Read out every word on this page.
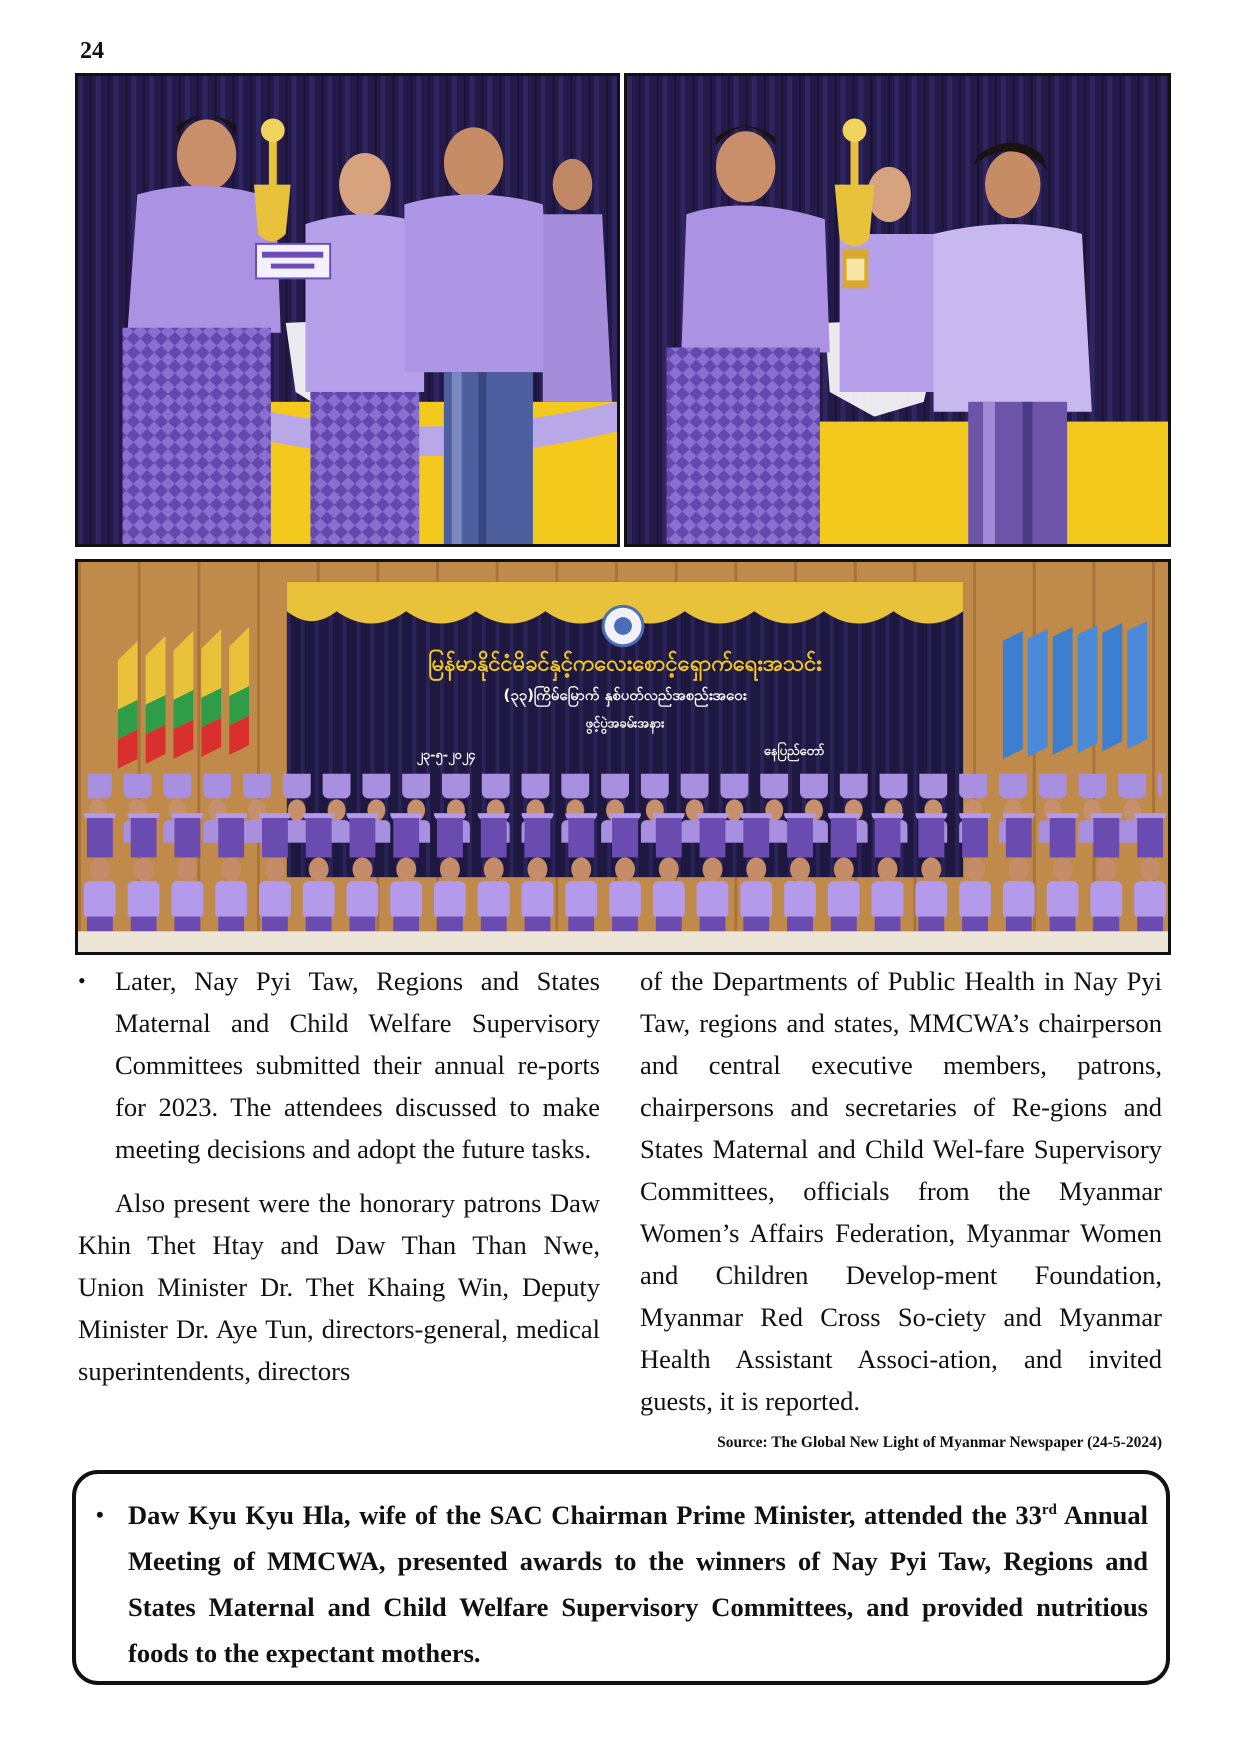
24
မြန်မာနိုင်ငံမိခင်နှင့်ကလေးစောင့်ရှောက်ရေးအသင်း
(၃၃)ကြိမ်မြောက် နှစ်ပတ်လည်အစည်းအဝေး
ဖွင့်ပွဲအခမ်းအနား
၂၃-၅-၂၀၂၄	နေပြည်တော်
• Later, Nay Pyi Taw, Regions and States Maternal and Child Welfare Supervisory Committees submitted their annual re-ports for 2023. The attendees discussed to make meeting decisions and adopt the future tasks.

Also present were the honorary patrons Daw Khin Thet Htay and Daw Than Than Nwe, Union Minister Dr. Thet Khaing Win, Deputy Minister Dr. Aye Tun, directors-general, medical superintendents, directors

of the Departments of Public Health in Nay Pyi Taw, regions and states, MMCWA’s chairperson and central executive members, patrons, chairpersons and secretaries of Re-gions and States Maternal and Child Wel-fare Supervisory Committees, officials from the Myanmar Women’s Affairs Federation, Myanmar Women and Children Develop-ment Foundation, Myanmar Red Cross So-ciety and Myanmar Health Assistant Associ-ation, and invited guests, it is reported.

Source: The Global New Light of Myanmar Newspaper (24-5-2024)
• Daw Kyu Kyu Hla, wife of the SAC Chairman Prime Minister, attended the 33rd Annual Meeting of MMCWA, presented awards to the winners of Nay Pyi Taw, Regions and States Maternal and Child Welfare Supervisory Committees, and provided nutritious foods to the expectant mothers.
